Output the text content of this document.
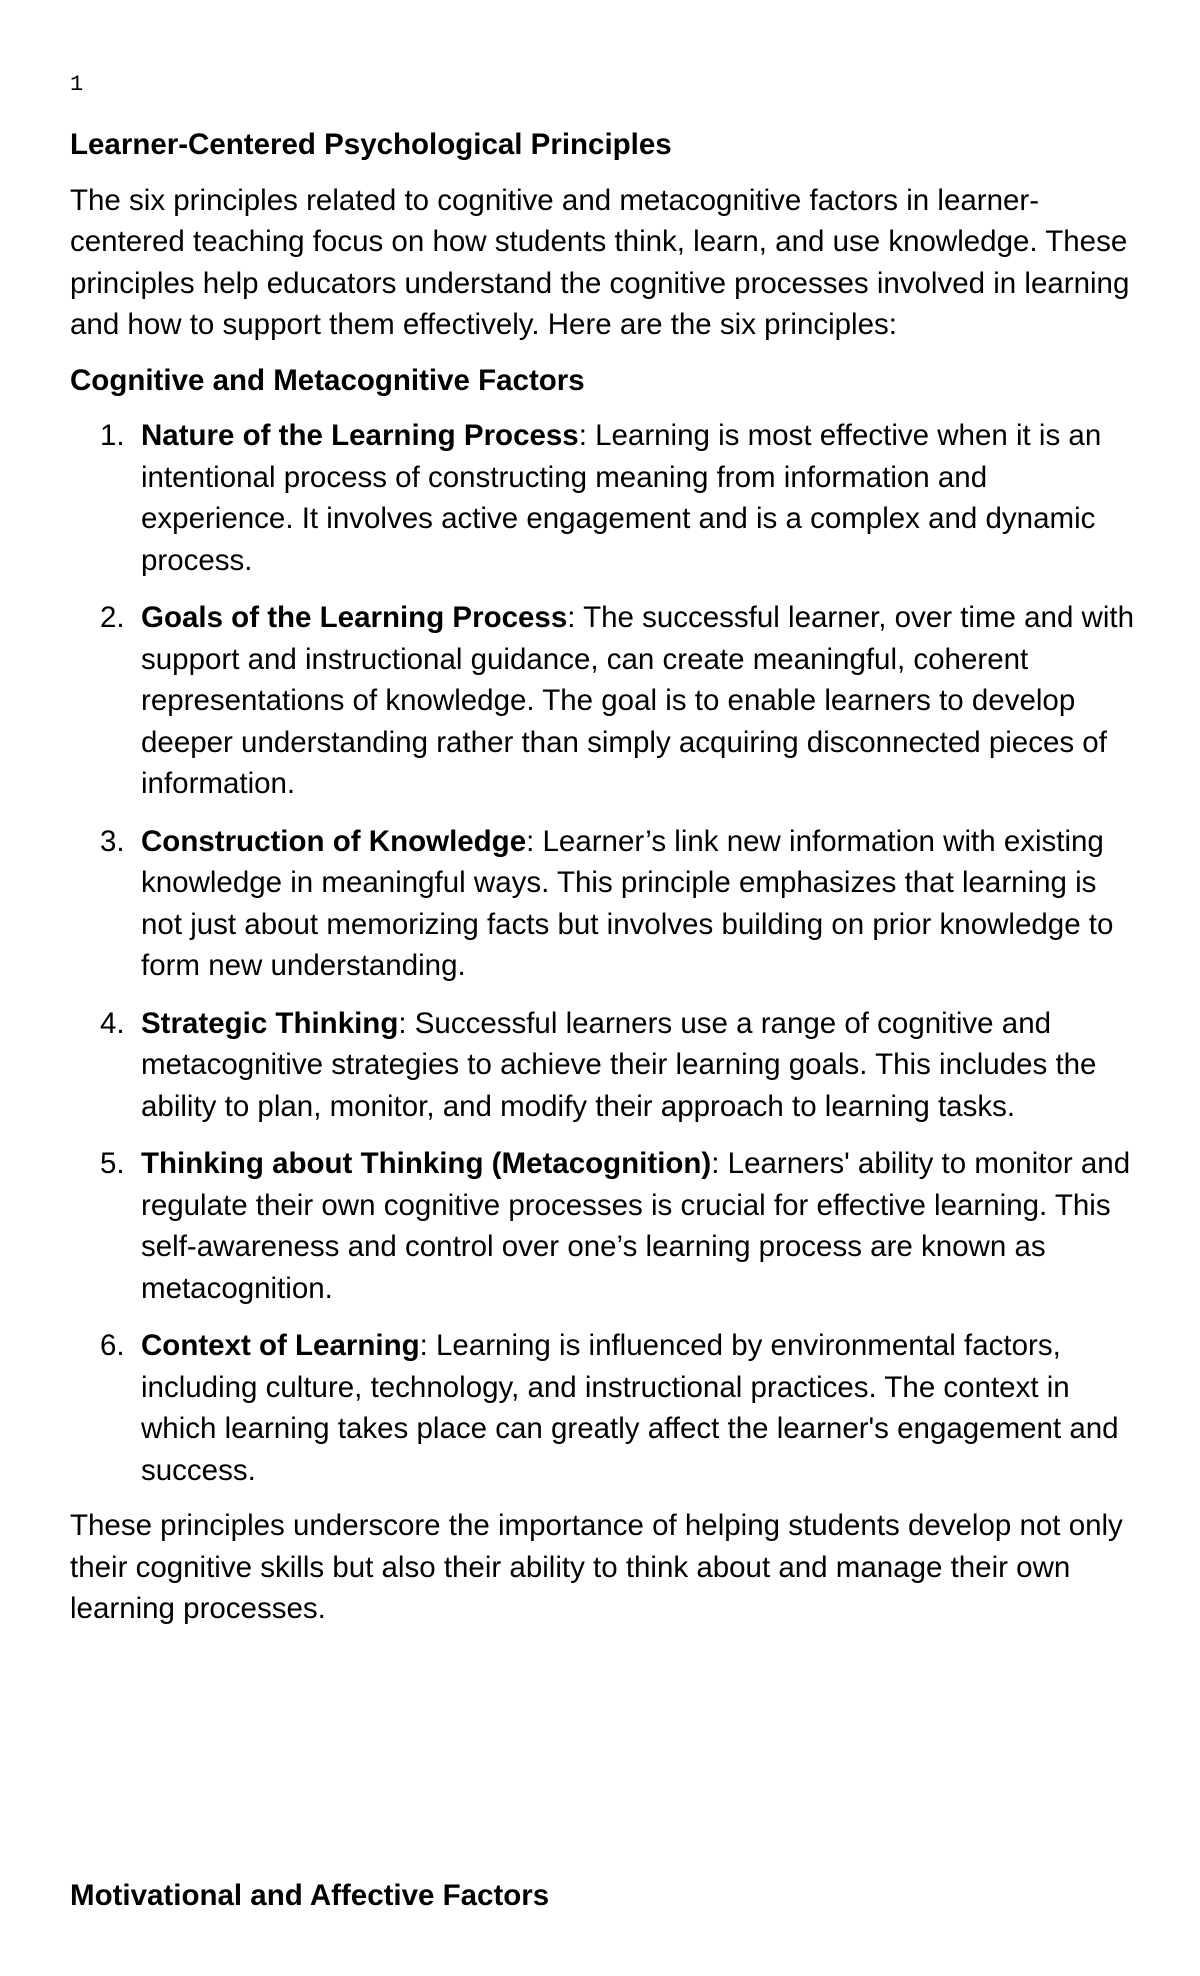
1
Learner-Centered Psychological Principles

The six principles related to cognitive and metacognitive factors in learner-centered teaching focus on how students think, learn, and use knowledge. These principles help educators understand the cognitive processes involved in learning and how to support them effectively. Here are the six principles:

Cognitive and Metacognitive Factors
1. Nature of the Learning Process: Learning is most effective when it is an intentional process of constructing meaning from information and experience. It involves active engagement and is a complex and dynamic process.
2. Goals of the Learning Process: The successful learner, over time and with support and instructional guidance, can create meaningful, coherent representations of knowledge. The goal is to enable learners to develop deeper understanding rather than simply acquiring disconnected pieces of information.
3. Construction of Knowledge: Learner’s link new information with existing knowledge in meaningful ways. This principle emphasizes that learning is not just about memorizing facts but involves building on prior knowledge to form new understanding.
4. Strategic Thinking: Successful learners use a range of cognitive and metacognitive strategies to achieve their learning goals. This includes the ability to plan, monitor, and modify their approach to learning tasks.
5. Thinking about Thinking (Metacognition): Learners' ability to monitor and regulate their own cognitive processes is crucial for effective learning. This self-awareness and control over one’s learning process are known as metacognition.
6. Context of Learning: Learning is influenced by environmental factors, including culture, technology, and instructional practices. The context in which learning takes place can greatly affect the learner's engagement and success.

These principles underscore the importance of helping students develop not only their cognitive skills but also their ability to think about and manage their own learning processes.

Motivational and Affective Factors
